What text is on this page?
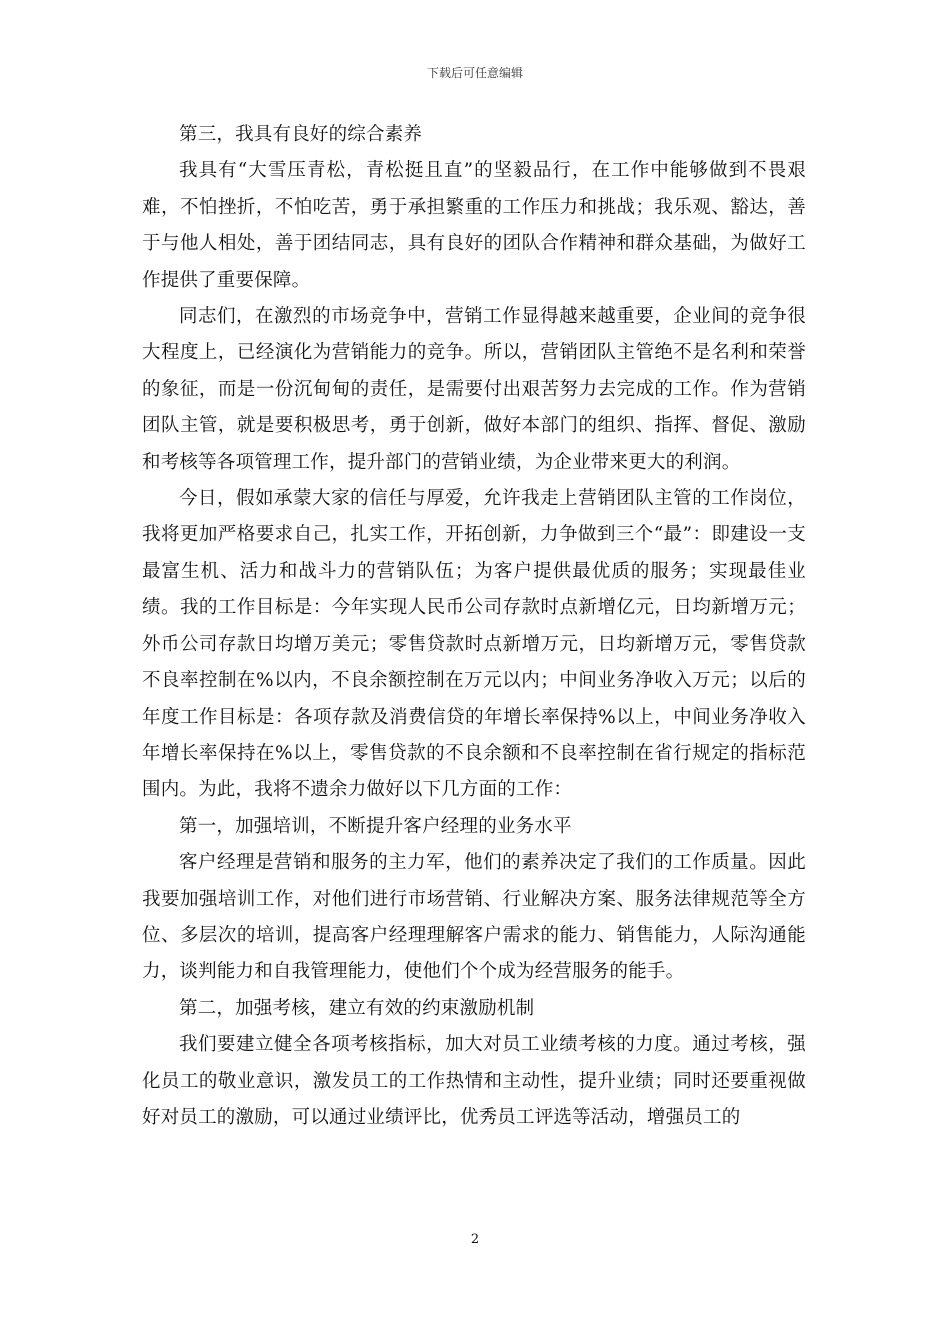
下载后可任意编辑

第三，我具有良好的综合素养

我具有“大雪压青松，青松挺且直”的坚毅品行，在工作中能够做到不畏艰难，不怕挫折，不怕吃苦，勇于承担繁重的工作压力和挑战；我乐观、豁达，善于与他人相处，善于团结同志，具有良好的团队合作精神和群众基础，为做好工作提供了重要保障。

同志们，在激烈的市场竞争中，营销工作显得越来越重要，企业间的竞争很大程度上，已经演化为营销能力的竞争。所以，营销团队主管绝不是名利和荣誉的象征，而是一份沉甸甸的责任，是需要付出艰苦努力去完成的工作。作为营销团队主管，就是要积极思考，勇于创新，做好本部门的组织、指挥、督促、激励和考核等各项管理工作，提升部门的营销业绩，为企业带来更大的利润。

今日，假如承蒙大家的信任与厚爱，允许我走上营销团队主管的工作岗位，我将更加严格要求自己，扎实工作，开拓创新，力争做到三个“最”：即建设一支最富生机、活力和战斗力的营销队伍；为客户提供最优质的服务；实现最佳业绩。我的工作目标是：今年实现人民币公司存款时点新增亿元，日均新增万元；外币公司存款日均增万美元；零售贷款时点新增万元，日均新增万元，零售贷款不良率控制在%以内，不良余额控制在万元以内；中间业务净收入万元；以后的年度工作目标是：各项存款及消费信贷的年增长率保持%以上，中间业务净收入年增长率保持在%以上，零售贷款的不良余额和不良率控制在省行规定的指标范围内。为此，我将不遗余力做好以下几方面的工作：

第一，加强培训，不断提升客户经理的业务水平

客户经理是营销和服务的主力军，他们的素养决定了我们的工作质量。因此我要加强培训工作，对他们进行市场营销、行业解决方案、服务法律规范等全方位、多层次的培训，提高客户经理理解客户需求的能力、销售能力，人际沟通能力，谈判能力和自我管理能力，使他们个个成为经营服务的能手。

第二，加强考核，建立有效的约束激励机制

我们要建立健全各项考核指标，加大对员工业绩考核的力度。通过考核，强化员工的敬业意识，激发员工的工作热情和主动性，提升业绩；同时还要重视做好对员工的激励，可以通过业绩评比，优秀员工评选等活动，增强员工的

2
